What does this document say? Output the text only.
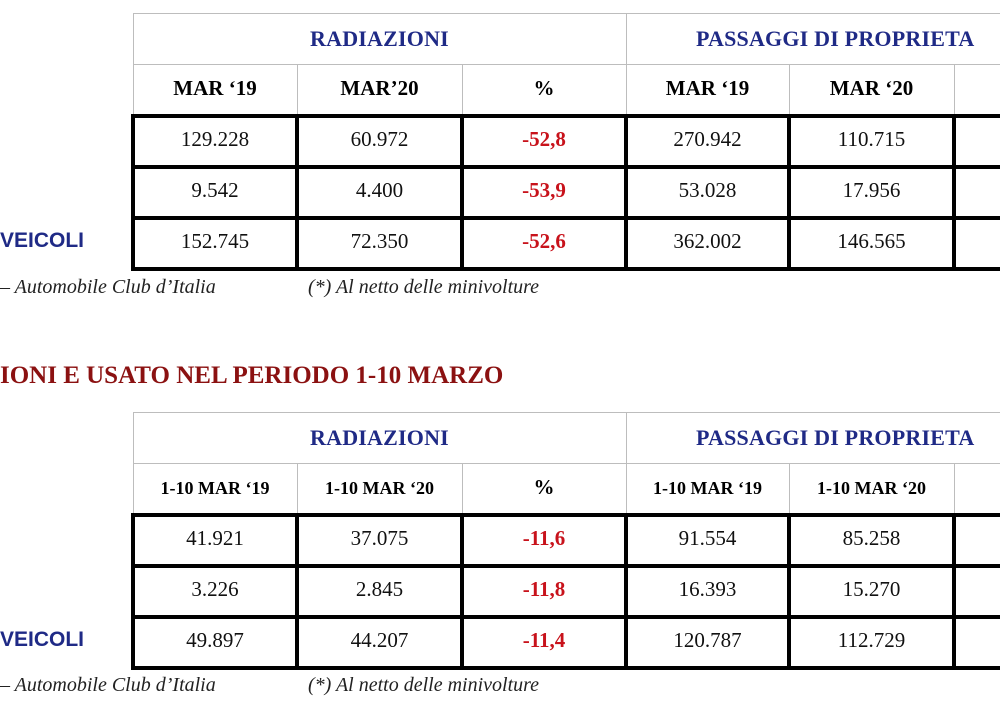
RADIAZIONI	PASSAGGI DI PROPRIETA
MAR ‘19	MAR’20	%	MAR ‘19	MAR ‘20
129.228	60.972	-52,8	270.942	110.715
9.542	4.400	-53,9	53.028	17.956
VEICOLI	152.745	72.350	-52,6	362.002	146.565
– Automobile Club d’Italia	(*) Al netto delle minivolture
IONI E USATO NEL PERIODO 1-10 MARZO
RADIAZIONI	PASSAGGI DI PROPRIETA
1-10 MAR ‘19	1-10 MAR ‘20	%	1-10 MAR ‘19	1-10 MAR ‘20
41.921	37.075	-11,6	91.554	85.258
3.226	2.845	-11,8	16.393	15.270
VEICOLI	49.897	44.207	-11,4	120.787	112.729
– Automobile Club d’Italia	(*) Al netto delle minivolture
